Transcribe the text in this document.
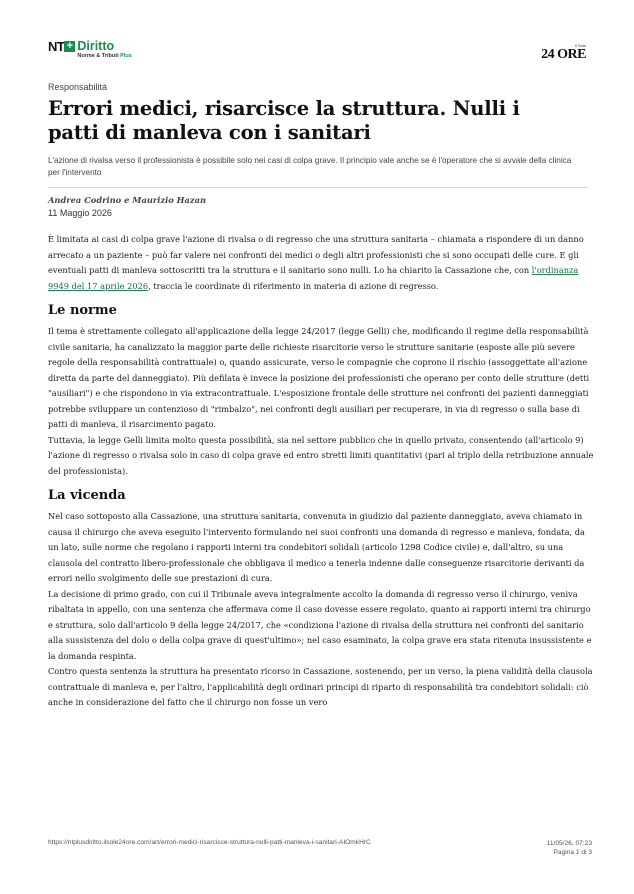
NT + Diritto
Norme & Tributi Plus
Il Sole
24 ORE
Responsabilità
Errori medici, risarcisce la struttura. Nulli i patti di manleva con i sanitari

L'azione di rivalsa verso il professionista è possibile solo nei casi di colpa grave. Il principio vale anche se è l'operatore che si avvale della clinica per l'intervento

Andrea Codrino e Maurizio Hazan
11 Maggio 2026

È limitata ai casi di colpa grave l'azione di rivalsa o di regresso che una struttura sanitaria – chiamata a rispondere di un danno arrecato a un paziente – può far valere nei confronti dei medici o degli altri professionisti che si sono occupati delle cure. E gli eventuali patti di manleva sottoscritti tra la struttura e il sanitario sono nulli. Lo ha chiarito la Cassazione che, con l'ordinanza 9949 del 17 aprile 2026, traccia le coordinate di riferimento in materia di azione di regresso.

Le norme

Il tema è strettamente collegato all'applicazione della legge 24/2017 (legge Gelli) che, modificando il regime della responsabilità civile sanitaria, ha canalizzato la maggior parte delle richieste risarcitorie verso le strutture sanitarie (esposte alle più severe regole della responsabilità contrattuale) o, quando assicurate, verso le compagnie che coprono il rischio (assoggettate all'azione diretta da parte del danneggiato). Più defilata è invece la posizione dei professionisti che operano per conto delle strutture (detti "ausiliari") e che rispondono in via extracontrattuale. L'esposizione frontale delle strutture nei confronti dei pazienti danneggiati potrebbe sviluppare un contenzioso di "rimbalzo", nei confronti degli ausiliari per recuperare, in via di regresso o sulla base di patti di manleva, il risarcimento pagato.

Tuttavia, la legge Gelli limita molto questa possibilità, sia nel settore pubblico che in quello privato, consentendo (all'articolo 9) l'azione di regresso o rivalsa solo in caso di colpa grave ed entro stretti limiti quantitativi (pari al triplo della retribuzione annuale del professionista).

La vicenda

Nel caso sottoposto alla Cassazione, una struttura sanitaria, convenuta in giudizio dal paziente danneggiato, aveva chiamato in causa il chirurgo che aveva eseguito l'intervento formulando nei suoi confronti una domanda di regresso e manleva, fondata, da un lato, sulle norme che regolano i rapporti interni tra condebitori solidali (articolo 1298 Codice civile) e, dall'altro, su una clausola del contratto libero-professionale che obbligava il medico a tenerla indenne dalle conseguenze risarcitorie derivanti da errori nello svolgimento delle sue prestazioni di cura.

La decisione di primo grado, con cui il Tribunale aveva integralmente accolto la domanda di regresso verso il chirurgo, veniva ribaltata in appello, con una sentenza che affermava come il caso dovesse essere regolato, quanto ai rapporti interni tra chirurgo e struttura, solo dall'articolo 9 della legge 24/2017, che «condiziona l'azione di rivalsa della struttura nei confronti del sanitario alla sussistenza del dolo o della colpa grave di quest'ultimo»; nel caso esaminato, la colpa grave era stata ritenuta insussistente e la domanda respinta.

Contro questa sentenza la struttura ha presentato ricorso in Cassazione, sostenendo, per un verso, la piena validità della clausola contrattuale di manleva e, per l'altro, l'applicabilità degli ordinari principi di riparto di responsabilità tra condebitori solidali: ciò anche in considerazione del fatto che il chirurgo non fosse un vero

https://ntplusdiritto.ilsole24ore.com/art/errori-medici-risarcisce-struttura-nulli-patti-manleva-i-sanitari-AIOmkHrC	11/05/26, 07:23
Pagina 1 di 3
